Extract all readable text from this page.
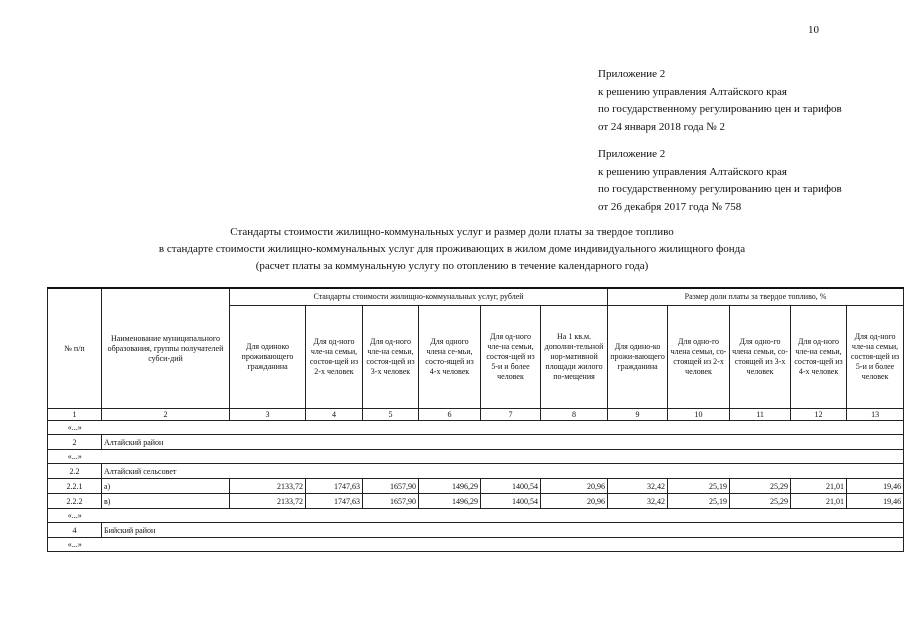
10
Приложение 2
к решению управления Алтайского края
по государственному регулированию цен и тарифов
от 24 января 2018 года № 2
Приложение 2
к решению управления Алтайского края
по государственному регулированию цен и тарифов
от 26 декабря 2017 года № 758
Стандарты стоимости жилищно-коммунальных услуг и размер доли платы за твердое топливо
в стандарте стоимости жилищно-коммунальных услуг для проживающих в жилом доме индивидуального жилищного фонда
(расчет платы за коммунальную услугу по отоплению в течение календарного года)
№ п/п	Наименование муниципального образования, группы получателей субси-дий	Стандарты стоимости жилищно-коммунальных услуг, рублей						Размер доли платы за твердое топливо, %				
		Для одиноко проживающего гражданина	Для од-ного чле-на семьи, состоя-щей из 2-х человек	Для од-ного чле-на семьи, состоя-щей из 3-х человек	Для одного члена се-мьи, состо-ящей из 4-х человек	Для од-ного чле-на семьи, состоя-щей из 5-и и более человек	На 1 кв.м. дополни-тельной нор-мативной площади жилого по-мещения	Для одино-ко прожи-вающего гражданина	Для одно-го члена семьи, со-стоящей из 2-х человек	Для одно-го члена семьи, со-стоящей из 3-х человек	Для од-ного чле-на семьи, состоя-щей из 4-х человек	Для од-ного чле-на семьи, состоя-щей из 5-и и более человек
1	2	3	4	5	6	7	8	9	10	11	12	13
«...»												
2	Алтайский район											
«...»												
2.2	Алтайский сельсовет											
2.2.1	а)	2133,72	1747,63	1657,90	1496,29	1400,54	20,96	32,42	25,19	25,29	21,01	19,46
2.2.2	в)	2133,72	1747,63	1657,90	1496,29	1400,54	20,96	32,42	25,19	25,29	21,01	19,46
«...»												
4	Бийский район											
«...»												
